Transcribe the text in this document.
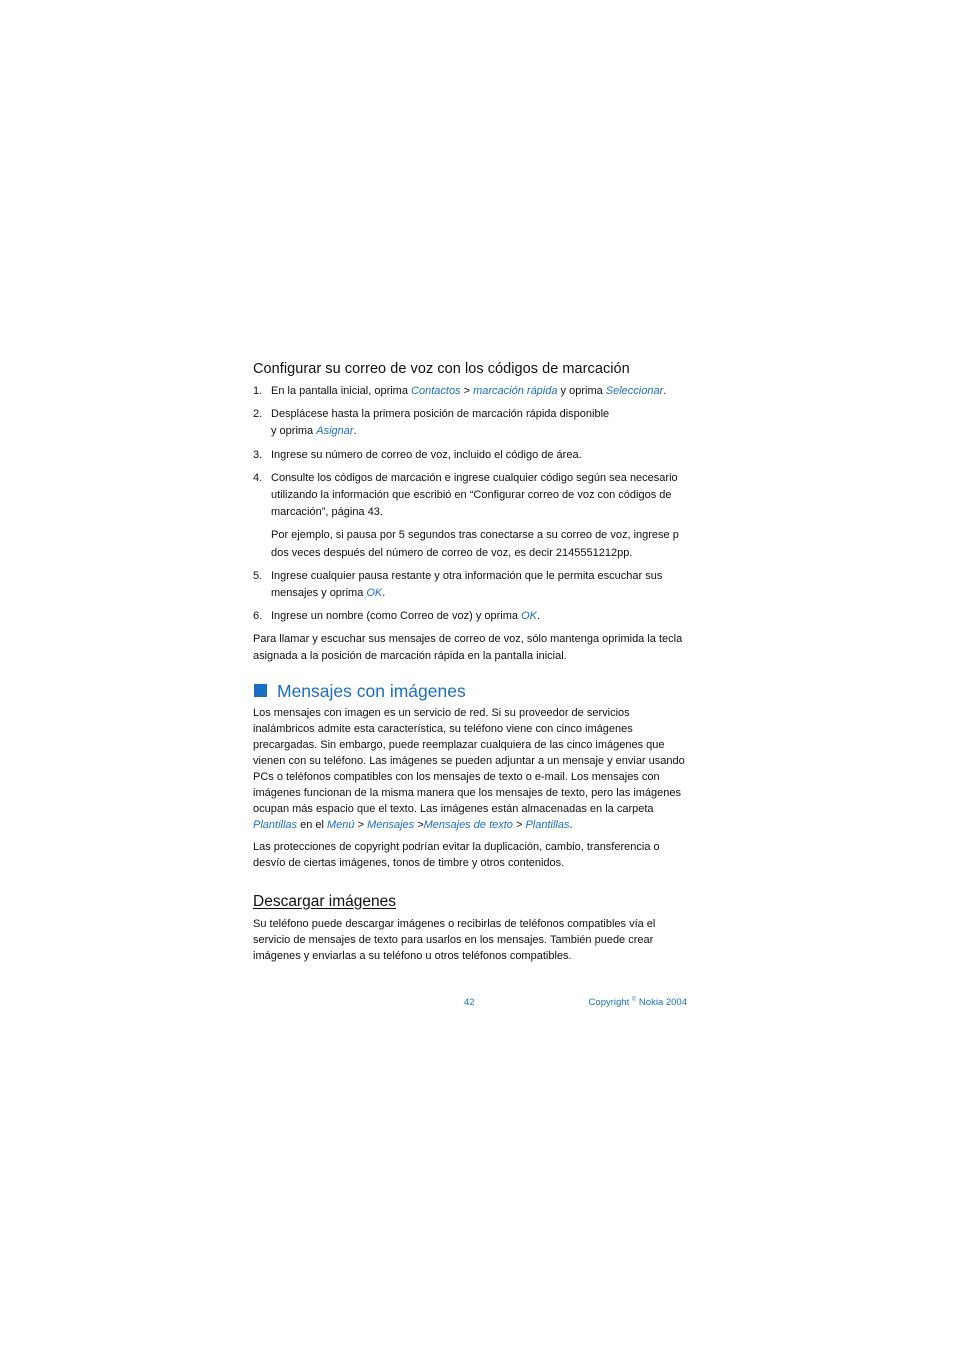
Configurar su correo de voz con los códigos de marcación
1. En la pantalla inicial, oprima Contactos > marcación rápida y oprima Seleccionar.

2. Desplácese hasta la primera posición de marcación rápida disponible y oprima Asignar.

3. Ingrese su número de correo de voz, incluido el código de área.

4. Consulte los códigos de marcación e ingrese cualquier código según sea necesario utilizando la información que escribió en “Configurar correo de voz con códigos de marcación”, página 43.

Por ejemplo, si pausa por 5 segundos tras conectarse a su correo de voz, ingrese p dos veces después del número de correo de voz, es decir 2145551212pp.

5. Ingrese cualquier pausa restante y otra información que le permita escuchar sus mensajes y oprima OK.

6. Ingrese un nombre (como Correo de voz) y oprima OK.

Para llamar y escuchar sus mensajes de correo de voz, sólo mantenga oprimida la tecla asignada a la posición de marcación rápida en la pantalla inicial.

Mensajes con imágenes

Los mensajes con imagen es un servicio de red. Si su proveedor de servicios inalámbricos admite esta característica, su teléfono viene con cinco imágenes precargadas. Sin embargo, puede reemplazar cualquiera de las cinco imágenes que vienen con su teléfono. Las imágenes se pueden adjuntar a un mensaje y enviar usando PCs o teléfonos compatibles con los mensajes de texto o e-mail. Los mensajes con imágenes funcionan de la misma manera que los mensajes de texto, pero las imágenes ocupan más espacio que el texto. Las imágenes están almacenadas en la carpeta Plantillas en el Menú > Mensajes >Mensajes de texto > Plantillas.

Las protecciones de copyright podrían evitar la duplicación, cambio, transferencia o desvío de ciertas imágenes, tonos de timbre y otros contenidos.

Descargar imágenes

Su teléfono puede descargar imágenes o recibirlas de teléfonos compatibles vía el servicio de mensajes de texto para usarlos en los mensajes. También puede crear imágenes y enviarlas a su teléfono u otros teléfonos compatibles.

42	Copyright © Nokia 2004
